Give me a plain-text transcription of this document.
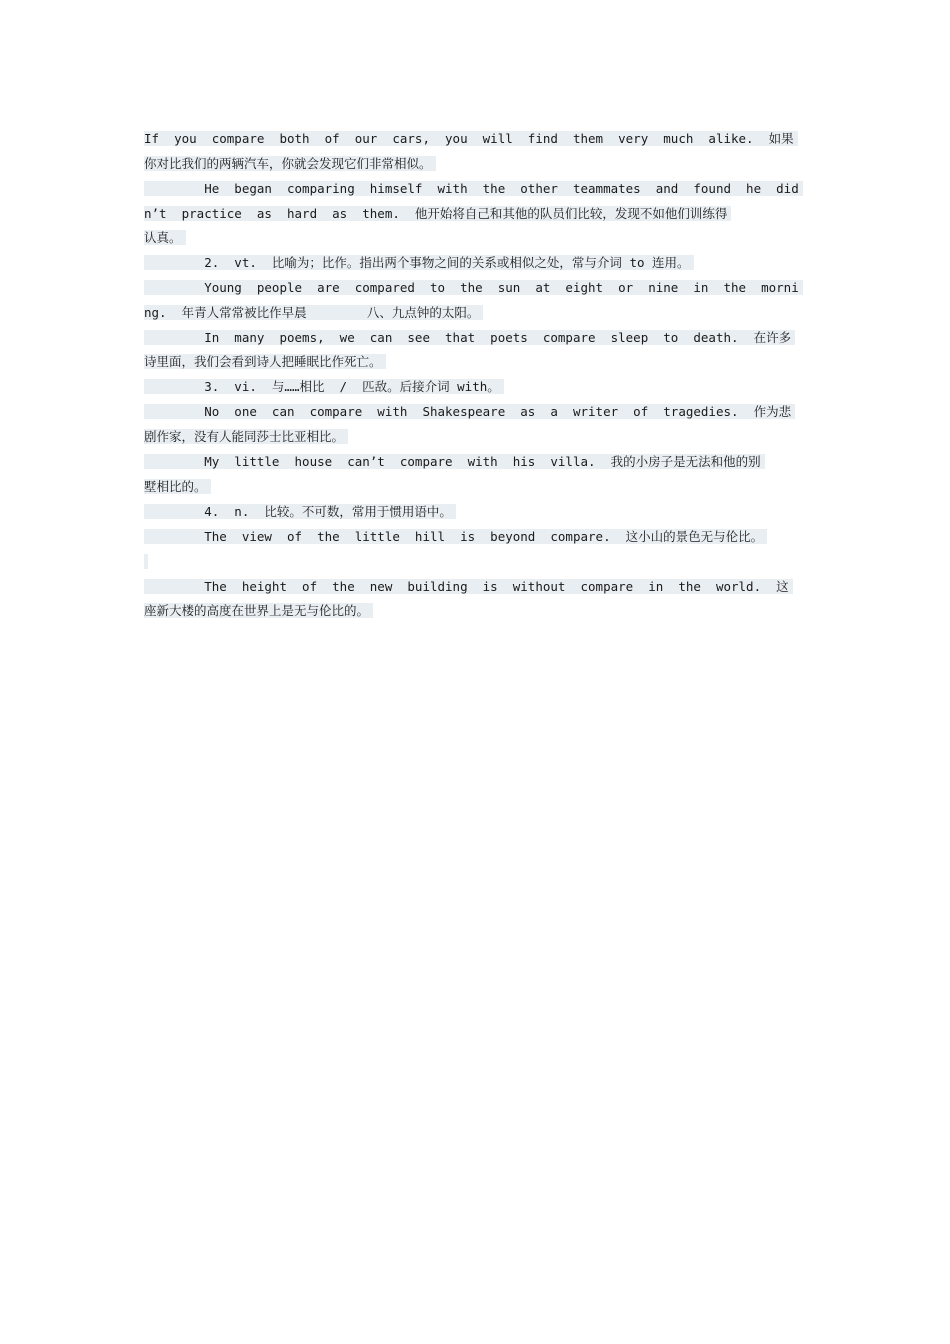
If  you  compare  both  of  our  cars,  you  will  find  them  very  much  alike.  如果
你对比我们的两辆汽车，你就会发现它们非常相似。
He  began  comparing  himself  with  the  other  teammates  and  found  he  did
n’t  practice  as  hard  as  them.  他开始将自己和其他的队员们比较，发现不如他们训练得
认真。
2.  vt.  比喻为；比作。指出两个事物之间的关系或相似之处，常与介词 to 连用。
Young  people  are  compared  to  the  sun  at  eight  or  nine  in  the  morni
ng.  年青人常常被比作早晨        八、九点钟的太阳。
In  many  poems,  we  can  see  that  poets  compare  sleep  to  death.  在许多
诗里面，我们会看到诗人把睡眠比作死亡。
3.  vi.  与……相比  /  匹敌。后接介词 with。
No  one  can  compare  with  Shakespeare  as  a  writer  of  tragedies.  作为悲
剧作家，没有人能同莎士比亚相比。
My  little  house  can’t  compare  with  his  villa.  我的小房子是无法和他的别
墅相比的。
4.  n.  比较。不可数，常用于惯用语中。
The  view  of  the  little  hill  is  beyond  compare.  这小山的景色无与伦比。
The  height  of  the  new  building  is  without  compare  in  the  world.  这
座新大楼的高度在世界上是无与伦比的。
